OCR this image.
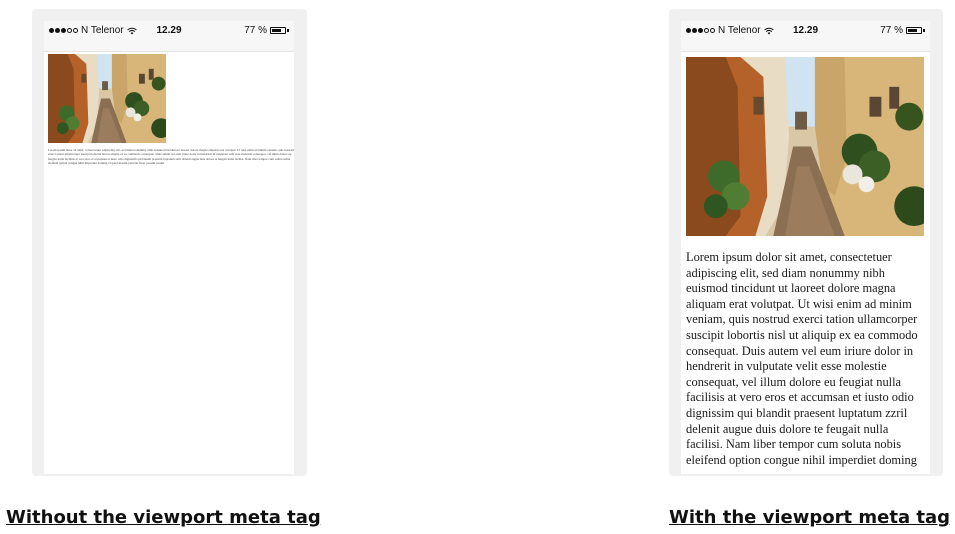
N Telenor	12.29	77 %

Lorem ipsum dolor sit amet, consectetuer adipiscing elit, sed diam nonummy nibh euismod tincidunt ut laoreet dolore magna aliquam erat volutpat. Ut wisi enim ad minim veniam, quis nostrud exerci tation ullamcorper suscipit lobortis nisl ut aliquip ex ea commodo consequat. Duis autem vel eum iriure dolor in hendrerit in vulputate velit esse molestie consequat, vel illum dolore eu feugiat nulla facilisis at vero eros et accumsan et iusto odio dignissim qui blandit praesent luptatum zzril delenit augue duis dolore te feugait nulla facilisi. Nam liber tempor cum soluta nobis eleifend option congue nihil imperdiet doming id quod mazim placerat facer possim assum.

N Telenor	12.29	77 %

Lorem ipsum dolor sit amet, consectetuer adipiscing elit, sed diam nonummy nibh euismod tincidunt ut laoreet dolore magna aliquam erat volutpat. Ut wisi enim ad minim veniam, quis nostrud exerci tation ullamcorper suscipit lobortis nisl ut aliquip ex ea commodo consequat. Duis autem vel eum iriure dolor in hendrerit in vulputate velit esse molestie consequat, vel illum dolore eu feugiat nulla facilisis at vero eros et accumsan et iusto odio dignissim qui blandit praesent luptatum zzril delenit augue duis dolore te feugait nulla facilisi. Nam liber tempor cum soluta nobis eleifend option congue nihil imperdiet doming

Without the viewport meta tag	With the viewport meta tag
